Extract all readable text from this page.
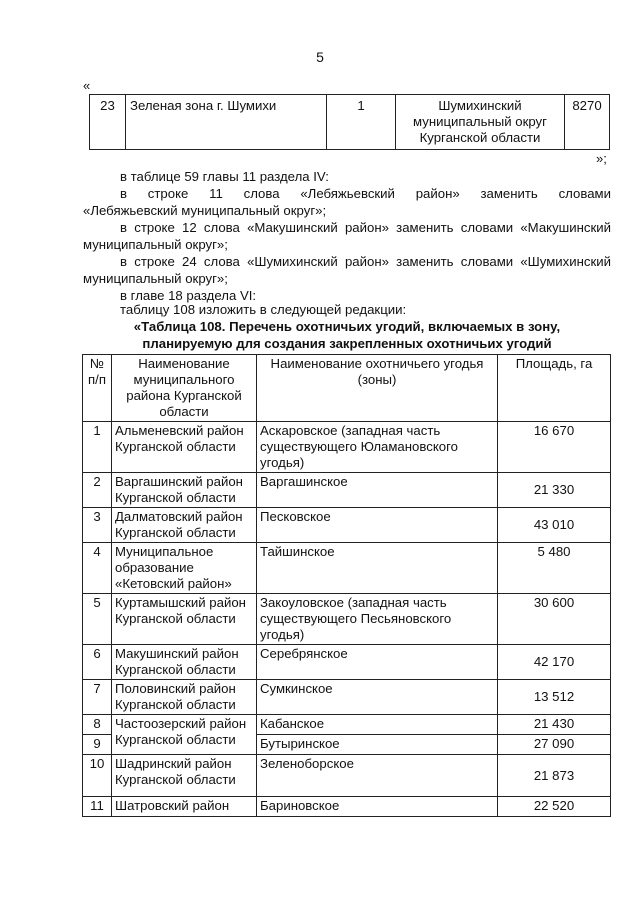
5
«
23	Зеленая зона г. Шумихи	1	Шумихинский муниципальный округ Курганской области	8270
»;
в таблице 59 главы 11 раздела IV:
в строке 11 слова «Лебяжьевский район» заменить словами
«Лебяжьевский муниципальный округ»;
в строке 12 слова «Макушинский район» заменить словами «Макушинский
муниципальный округ»;
в строке 24 слова «Шумихинский район» заменить словами «Шумихинский
муниципальный округ»;
в главе 18 раздела VI:
таблицу 108 изложить в следующей редакции:
«Таблица 108. Перечень охотничьих угодий, включаемых в зону,
планируемую для создания закрепленных охотничьих угодий
№ п/п	Наименование муниципального района Курганской области	Наименование охотничьего угодья (зоны)	Площадь, га
1	Альменевский район Курганской области	Аскаровское (западная часть существующего Юламановского угодья)	16 670
2	Варгашинский район Курганской области	Варгашинское	21 330
3	Далматовский район Курганской области	Песковское	43 010
4	Муниципальное образование «Кетовский район»	Тайшинское	5 480
5	Куртамышский район Курганской области	Закоуловское (западная часть существующего Песьяновского угодья)	30 600
6	Макушинский район Курганской области	Серебрянское	42 170
7	Половинский район Курганской области	Сумкинское	13 512
8	Частоозерский район Курганской области	Кабанское	21 430
9		Бутыринское	27 090
10	Шадринский район Курганской области	Зеленоборское	21 873
11	Шатровский район	Бариновское	22 520
